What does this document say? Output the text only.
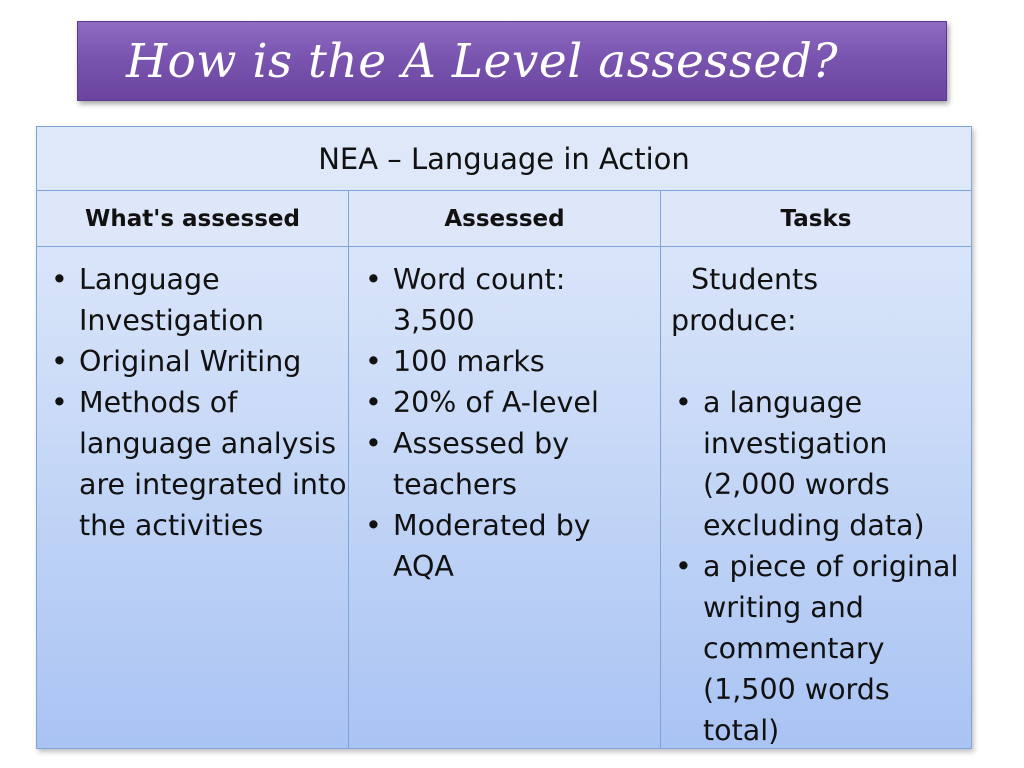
How is the A Level assessed?
NEA – Language in Action
What's assessed	Assessed	Tasks
• Language Investigation
• Original Writing
• Methods of language analysis are integrated into the activities
• Word count: 3,500
• 100 marks
• 20% of A-level
• Assessed by teachers
• Moderated by AQA

Students produce:

• a language investigation (2,000 words excluding data)
• a piece of original writing and commentary (1,500 words total)
